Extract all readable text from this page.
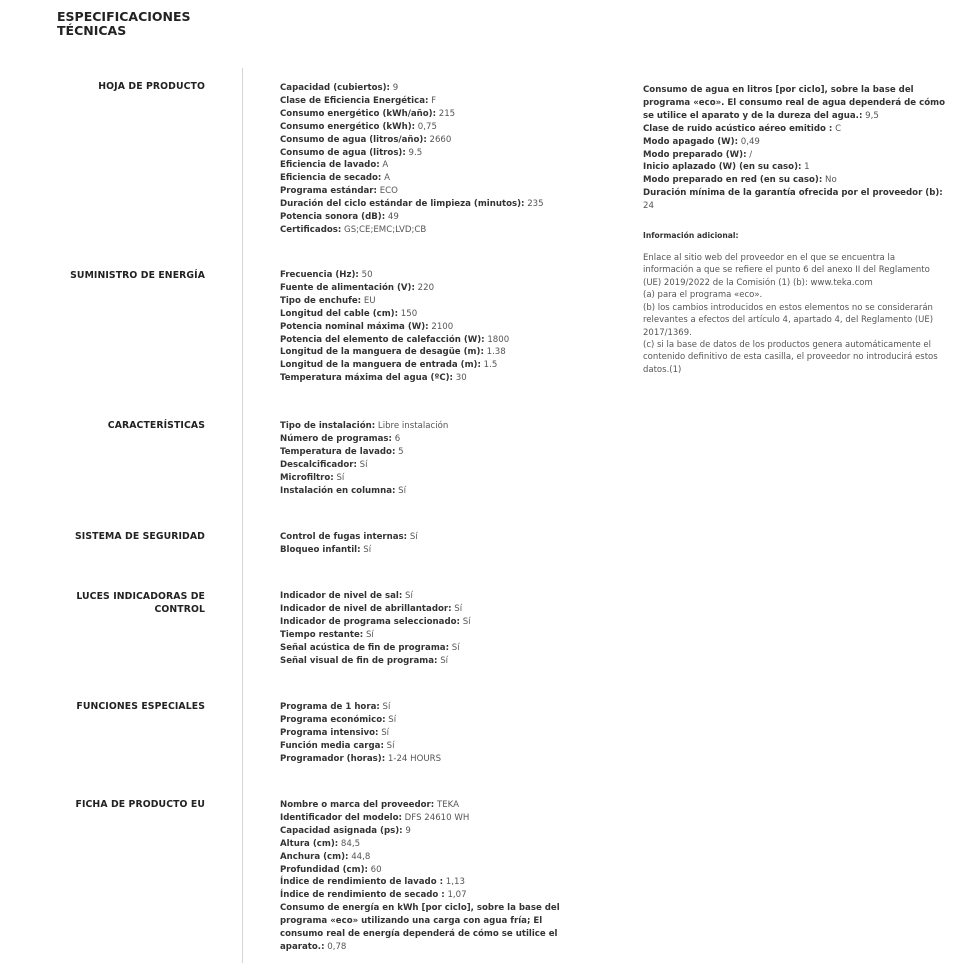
ESPECIFICACIONES TÉCNICAS
HOJA DE PRODUCTO
SUMINISTRO DE ENERGÍA
CARACTERÍSTICAS
SISTEMA DE SEGURIDAD
LUCES INDICADORAS DE
CONTROL
FUNCIONES ESPECIALES
FICHA DE PRODUCTO EU
Capacidad (cubiertos): 9
Clase de Eficiencia Energética: F
Consumo energético (kWh/año): 215
Consumo energético (kWh): 0,75
Consumo de agua (litros/año): 2660
Consumo de agua (litros): 9.5
Eficiencia de lavado: A
Eficiencia de secado: A
Programa estándar: ECO
Duración del ciclo estándar de limpieza (minutos): 235
Potencia sonora (dB): 49
Certificados: GS;CE;EMC;LVD;CB
Frecuencia (Hz): 50
Fuente de alimentación (V): 220
Tipo de enchufe: EU
Longitud del cable (cm): 150
Potencia nominal máxima (W): 2100
Potencia del elemento de calefacción (W): 1800
Longitud de la manguera de desagüe (m): 1.38
Longitud de la manguera de entrada (m): 1.5
Temperatura máxima del agua (ºC): 30
Tipo de instalación: Libre instalación
Número de programas: 6
Temperatura de lavado: 5
Descalcificador: Sí
Microfiltro: Sí
Instalación en columna: Sí
Control de fugas internas: Sí
Bloqueo infantil: Sí
Indicador de nivel de sal: Sí
Indicador de nivel de abrillantador: Sí
Indicador de programa seleccionado: Sí
Tiempo restante: Sí
Señal acústica de fin de programa: Sí
Señal visual de fin de programa: Sí
Programa de 1 hora: Sí
Programa económico: Sí
Programa intensivo: Sí
Función media carga: Sí
Programador (horas): 1-24 HOURS
Nombre o marca del proveedor: TEKA
Identificador del modelo: DFS 24610 WH
Capacidad asignada (ps): 9
Altura (cm): 84,5
Anchura (cm): 44,8
Profundidad (cm): 60
Índice de rendimiento de lavado : 1,13
Índice de rendimiento de secado : 1,07
Consumo de energía en kWh [por ciclo], sobre la base del programa «eco» utilizando una carga con agua fría; El consumo real de energía dependerá de cómo se utilice el aparato.: 0,78
Consumo de agua en litros [por ciclo], sobre la base del programa «eco». El consumo real de agua dependerá de cómo se utilice el aparato y de la dureza del agua.: 9,5
Clase de ruido acústico aéreo emitido : C
Modo apagado (W): 0,49
Modo preparado (W): /
Inicio aplazado (W) (en su caso): 1
Modo preparado en red (en su caso): No
Duración mínima de la garantía ofrecida por el proveedor (b): 24
Información adicional:

Enlace al sitio web del proveedor en el que se encuentra la información a que se refiere el punto 6 del anexo II del Reglamento (UE) 2019/2022 de la Comisión (1) (b): www.teka.com

(a) para el programa «eco».

(b) los cambios introducidos en estos elementos no se considerarán relevantes a efectos del artículo 4, apartado 4, del Reglamento (UE) 2017/1369.

(c) si la base de datos de los productos genera automáticamente el contenido definitivo de esta casilla, el proveedor no introducirá estos datos.(1)
